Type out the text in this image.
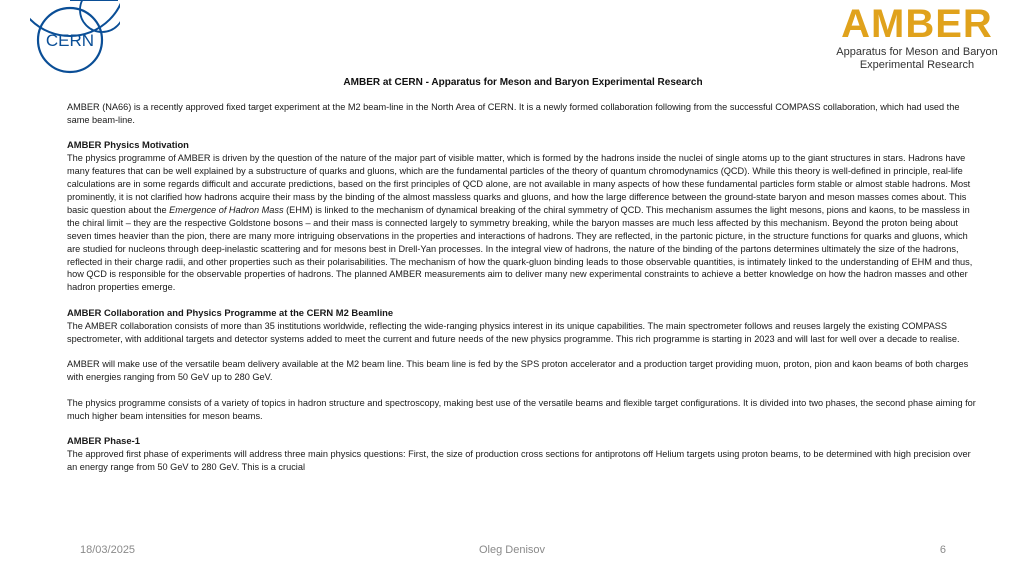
CERN	AMBER
Apparatus for Meson and Baryon
Experimental Research
AMBER at CERN - Apparatus for Meson and Baryon Experimental Research

AMBER (NA66) is a recently approved fixed target experiment at the M2 beam-line in the North Area of CERN. It is a newly formed collaboration following from the successful COMPASS collaboration, which had used the same beam-line.

AMBER Physics Motivation

The physics programme of AMBER is driven by the question of the nature of the major part of visible matter, which is formed by the hadrons inside the nuclei of single atoms up to the giant structures in stars. Hadrons have many features that can be well explained by a substructure of quarks and gluons, which are the fundamental particles of the theory of quantum chromodynamics (QCD). While this theory is well-defined in principle, real-life calculations are in some regards difficult and accurate predictions, based on the first principles of QCD alone, are not available in many aspects of how these fundamental particles form stable or almost stable hadrons. Most prominently, it is not clarified how hadrons acquire their mass by the binding of the almost massless quarks and gluons, and how the large difference between the ground-state baryon and meson masses comes about. This basic question about the Emergence of Hadron Mass (EHM) is linked to the mechanism of dynamical breaking of the chiral symmetry of QCD. This mechanism assumes the light mesons, pions and kaons, to be massless in the chiral limit – they are the respective Goldstone bosons – and their mass is connected largely to symmetry breaking, while the baryon masses are much less affected by this mechanism. Beyond the proton being about seven times heavier than the pion, there are many more intriguing observations in the properties and interactions of hadrons. They are reflected, in the partonic picture, in the structure functions for quarks and gluons, which are studied for nucleons through deep-inelastic scattering and for mesons best in Drell-Yan processes. In the integral view of hadrons, the nature of the binding of the partons determines ultimately the size of the hadrons, reflected in their charge radii, and other properties such as their polarisabilities. The mechanism of how the quark-gluon binding leads to those observable quantities, is intimately linked to the understanding of EHM and thus, how QCD is responsible for the observable properties of hadrons. The planned AMBER measurements aim to deliver many new experimental constraints to achieve a better knowledge on how the hadron masses and other hadron properties emerge.

AMBER Collaboration and Physics Programme at the CERN M2 Beamline

The AMBER collaboration consists of more than 35 institutions worldwide, reflecting the wide-ranging physics interest in its unique capabilities. The main spectrometer follows and reuses largely the existing COMPASS spectrometer, with additional targets and detector systems added to meet the current and future needs of the new physics programme. This rich programme is starting in 2023 and will last for well over a decade to realise.

AMBER will make use of the versatile beam delivery available at the M2 beam line. This beam line is fed by the SPS proton accelerator and a production target providing muon, proton, pion and kaon beams of both charges with energies ranging from 50 GeV up to 280 GeV.

The physics programme consists of a variety of topics in hadron structure and spectroscopy, making best use of the versatile beams and flexible target configurations. It is divided into two phases, the second phase aiming for much higher beam intensities for meson beams.

AMBER Phase-1

The approved first phase of experiments will address three main physics questions: First, the size of production cross sections for antiprotons off Helium targets using proton beams, to be determined with high precision over an energy range from 50 GeV to 280 GeV. This is a crucial

18/03/2025	Oleg Denisov	6
